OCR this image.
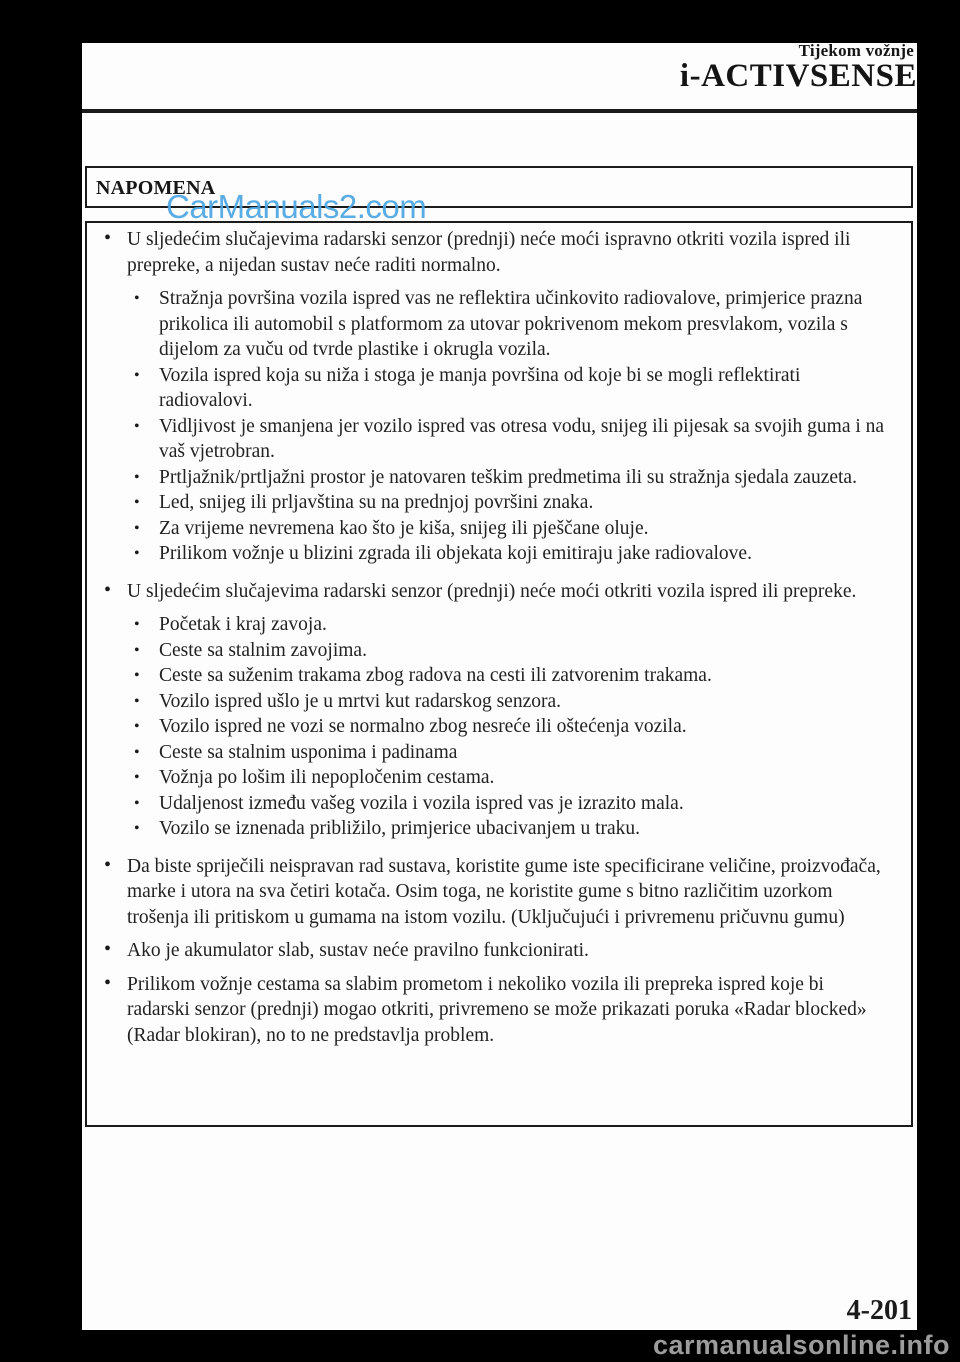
Tijekom vožnje
i-ACTIVSENSE
NAPOMENA
• U sljedećim slučajevima radarski senzor (prednji) neće moći ispravno otkriti vozila ispred ili prepreke, a nijedan sustav neće raditi normalno.
• Stražnja površina vozila ispred vas ne reflektira učinkovito radiovalove, primjerice prazna prikolica ili automobil s platformom za utovar pokrivenom mekom presvlakom, vozila s dijelom za vuču od tvrde plastike i okrugla vozila.
• Vozila ispred koja su niža i stoga je manja površina od koje bi se mogli reflektirati radiovalovi.
• Vidljivost je smanjena jer vozilo ispred vas otresa vodu, snijeg ili pijesak sa svojih guma i na vaš vjetrobran.
• Prtljažnik/prtljažni prostor je natovaren teškim predmetima ili su stražnja sjedala zauzeta.
• Led, snijeg ili prljavština su na prednjoj površini znaka.
• Za vrijeme nevremena kao što je kiša, snijeg ili pješčane oluje.
• Prilikom vožnje u blizini zgrada ili objekata koji emitiraju jake radiovalove.
• U sljedećim slučajevima radarski senzor (prednji) neće moći otkriti vozila ispred ili prepreke.
• Početak i kraj zavoja.
• Ceste sa stalnim zavojima.
• Ceste sa suženim trakama zbog radova na cesti ili zatvorenim trakama.
• Vozilo ispred ušlo je u mrtvi kut radarskog senzora.
• Vozilo ispred ne vozi se normalno zbog nesreće ili oštećenja vozila.
• Ceste sa stalnim usponima i padinama
• Vožnja po lošim ili nepopločenim cestama.
• Udaljenost između vašeg vozila i vozila ispred vas je izrazito mala.
• Vozilo se iznenada približilo, primjerice ubacivanjem u traku.
• Da biste spriječili neispravan rad sustava, koristite gume iste specificirane veličine, proizvođača, marke i utora na sva četiri kotača. Osim toga, ne koristite gume s bitno različitim uzorkom trošenja ili pritiskom u gumama na istom vozilu. (Uključujući i privremenu pričuvnu gumu)
• Ako je akumulator slab, sustav neće pravilno funkcionirati.
• Prilikom vožnje cestama sa slabim prometom i nekoliko vozila ili prepreka ispred koje bi radarski senzor (prednji) mogao otkriti, privremeno se može prikazati poruka «Radar blocked» (Radar blokiran), no to ne predstavlja problem.
CarManuals2.com
4-201
carmanualsonline.info
